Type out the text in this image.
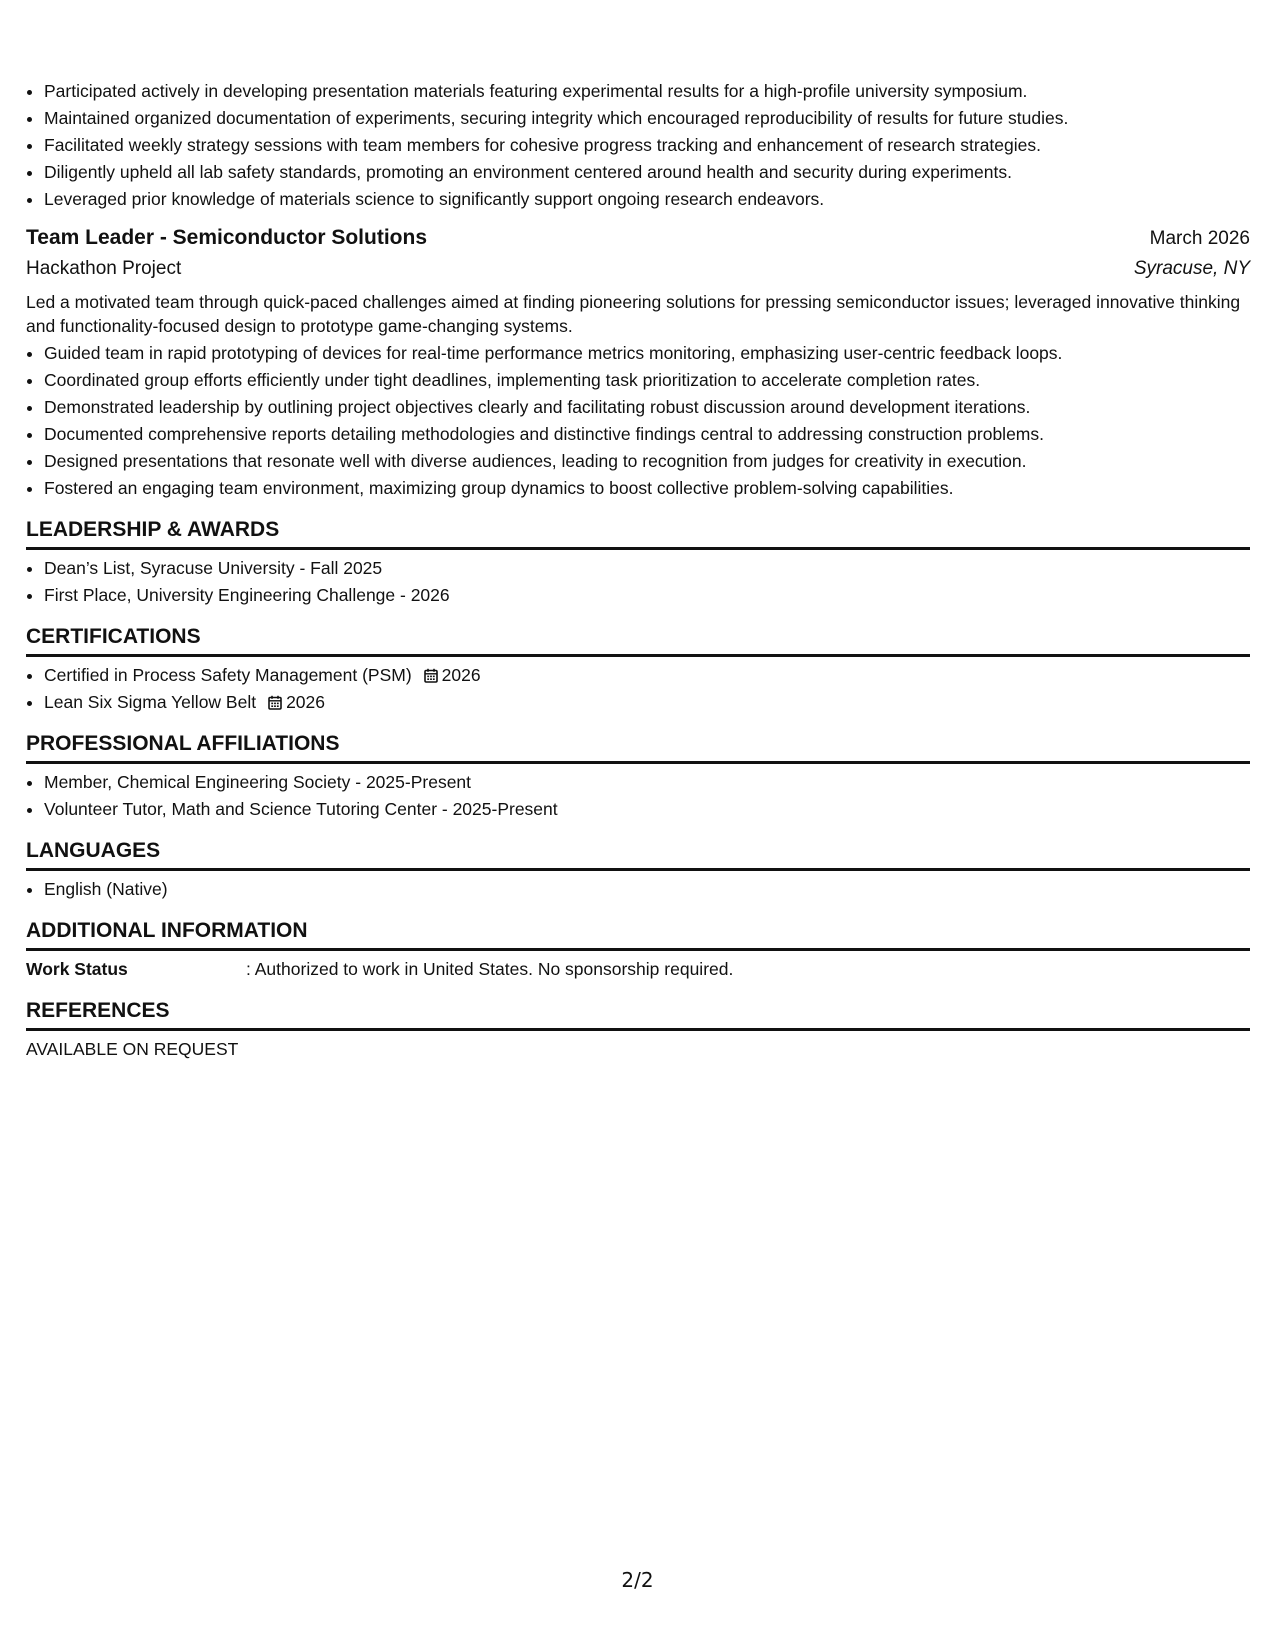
• Participated actively in developing presentation materials featuring experimental results for a high-profile university symposium.
• Maintained organized documentation of experiments, securing integrity which encouraged reproducibility of results for future studies.
• Facilitated weekly strategy sessions with team members for cohesive progress tracking and enhancement of research strategies.
• Diligently upheld all lab safety standards, promoting an environment centered around health and security during experiments.
• Leveraged prior knowledge of materials science to significantly support ongoing research endeavors.
Team Leader - Semiconductor Solutions	March 2026
Hackathon Project	Syracuse, NY
Led a motivated team through quick-paced challenges aimed at finding pioneering solutions for pressing semiconductor issues; leveraged innovative thinking and functionality-focused design to prototype game-changing systems.
• Guided team in rapid prototyping of devices for real-time performance metrics monitoring, emphasizing user-centric feedback loops.
• Coordinated group efforts efficiently under tight deadlines, implementing task prioritization to accelerate completion rates.
• Demonstrated leadership by outlining project objectives clearly and facilitating robust discussion around development iterations.
• Documented comprehensive reports detailing methodologies and distinctive findings central to addressing construction problems.
• Designed presentations that resonate well with diverse audiences, leading to recognition from judges for creativity in execution.
• Fostered an engaging team environment, maximizing group dynamics to boost collective problem-solving capabilities.
LEADERSHIP & AWARDS
• Dean’s List, Syracuse University - Fall 2025
• First Place, University Engineering Challenge - 2026
CERTIFICATIONS
• Certified in Process Safety Management (PSM) 2026
• Lean Six Sigma Yellow Belt 2026
PROFESSIONAL AFFILIATIONS
• Member, Chemical Engineering Society - 2025-Present
• Volunteer Tutor, Math and Science Tutoring Center - 2025-Present
LANGUAGES
• English (Native)
ADDITIONAL INFORMATION
Work Status	: Authorized to work in United States. No sponsorship required.
REFERENCES
AVAILABLE ON REQUEST
2/2
